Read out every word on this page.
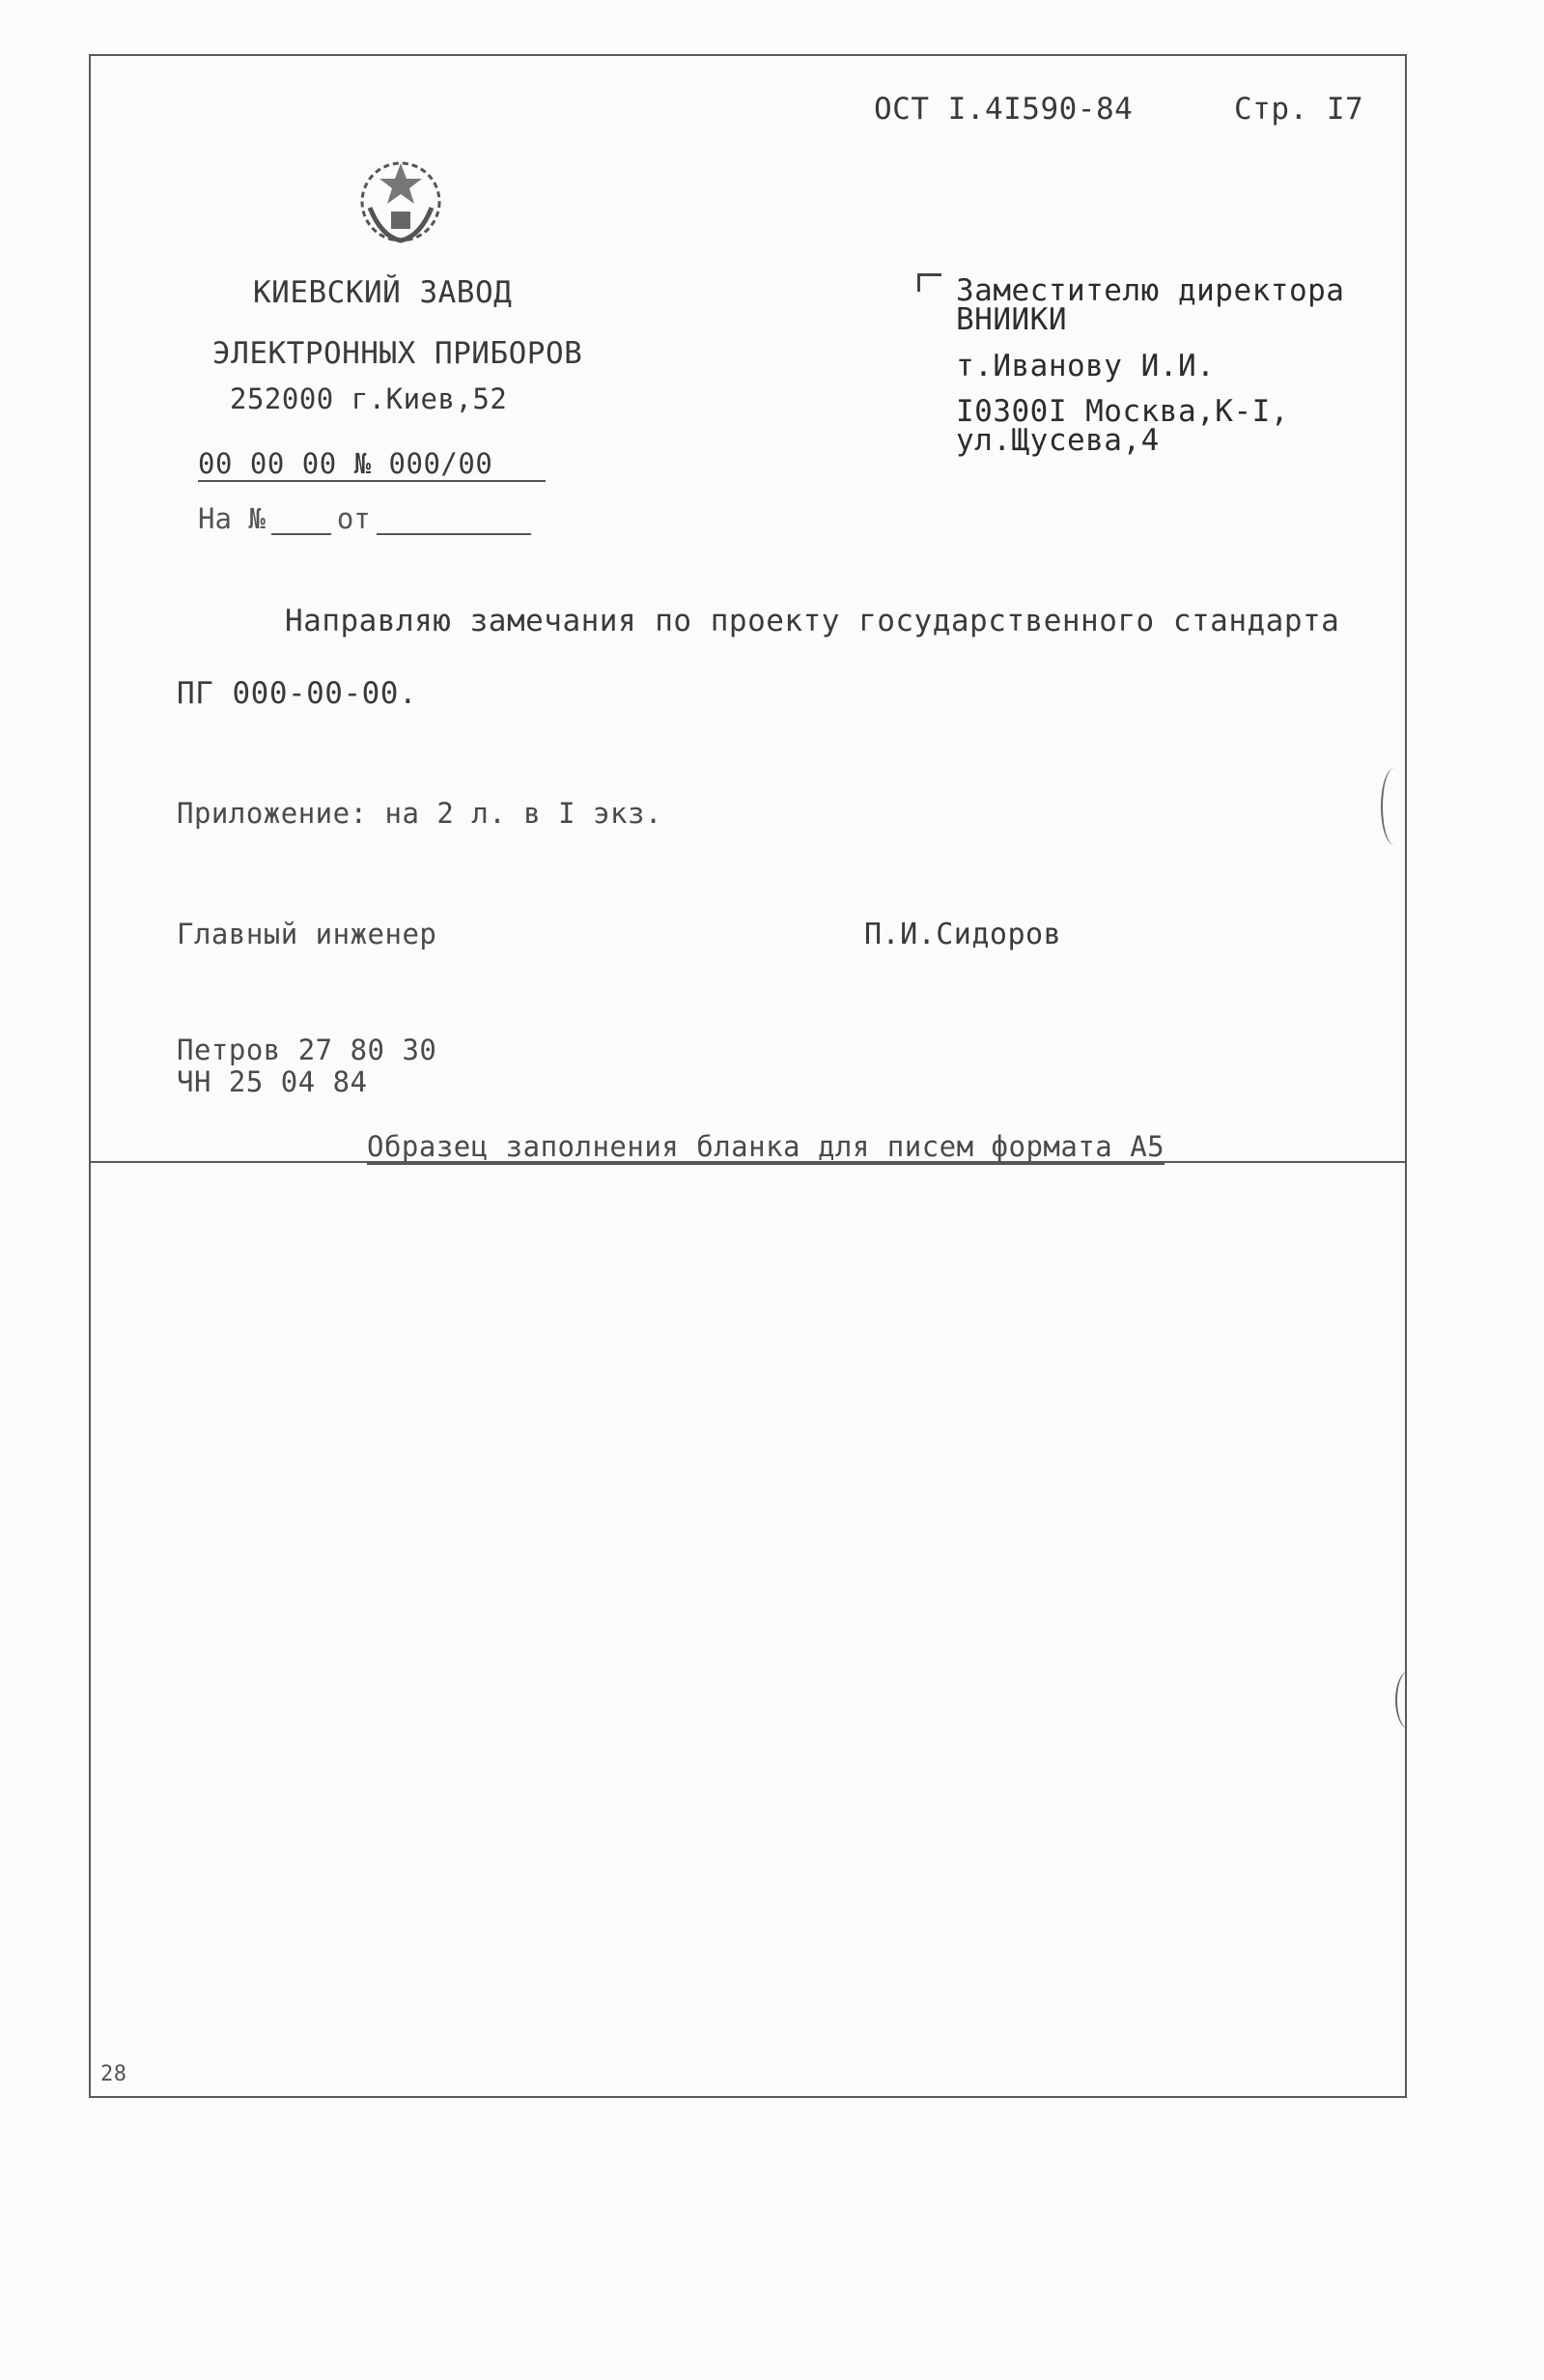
ОСТ I.4I590-84	Стр. I7
КИЕВСКИЙ ЗАВОД
ЭЛЕКТРОННЫХ ПРИБОРОВ
252000 г.Киев,52
00 00 00 № 000/00
На №	от
Заместителю директора
ВНИИКИ
т.Иванову И.И.
I0300I Москва,К-I,
ул.Щусева,4
Направляю замечания по проекту государственного стандарта
ПГ 000-00-00.
Приложение: на 2 л. в I экз.
Главный инженер	П.И.Сидоров
Петров 27 80 30
ЧН 25 04 84
Образец заполнения бланка для писем формата А5
28
